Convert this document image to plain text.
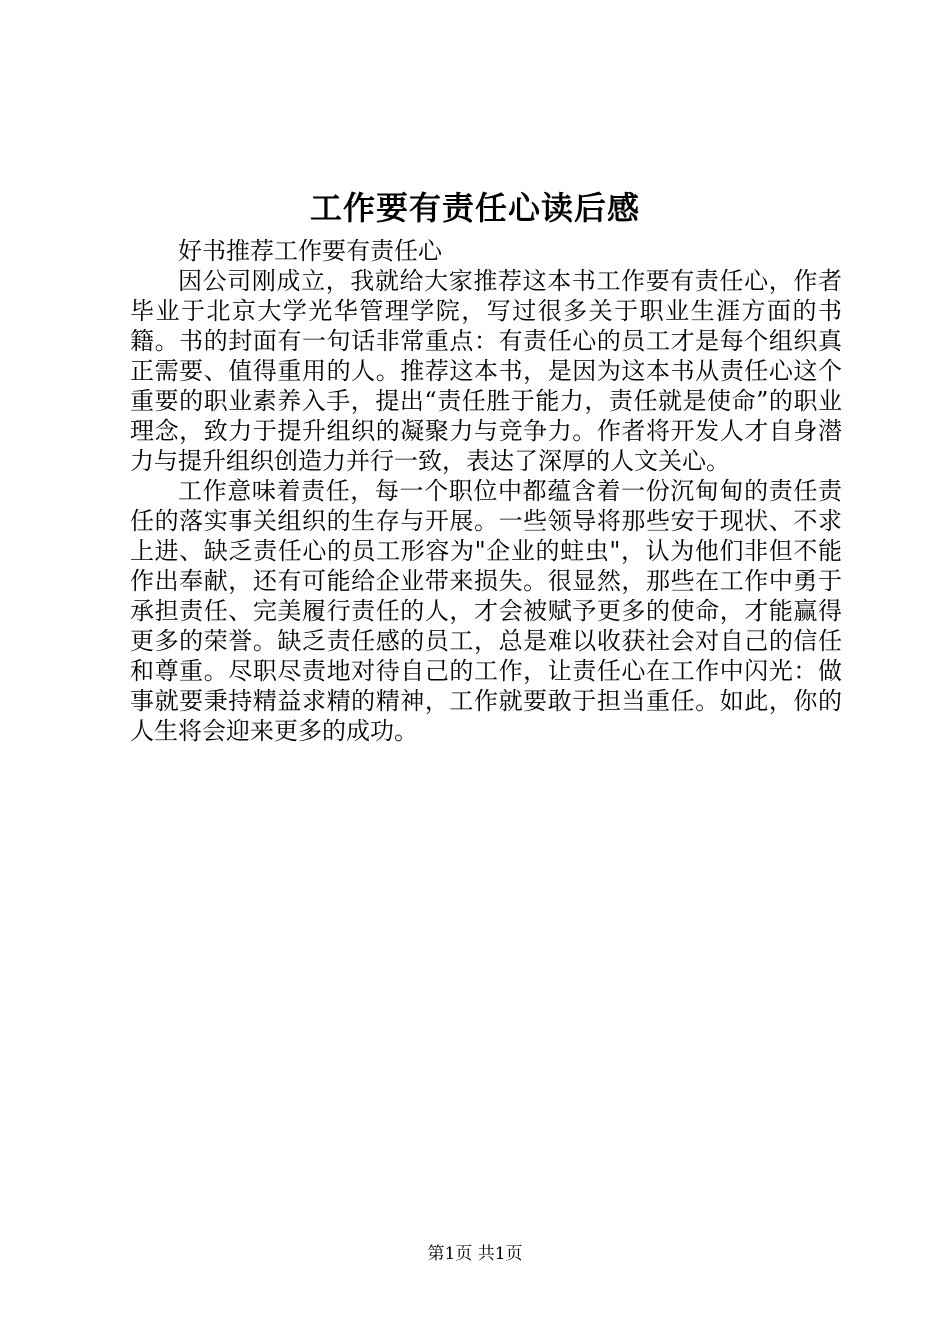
工作要有责任心读后感

好书推荐工作要有责任心

因公司刚成立，我就给大家推荐这本书工作要有责任心，作者毕业于北京大学光华管理学院，写过很多关于职业生涯方面的书籍。书的封面有一句话非常重点：有责任心的员工才是每个组织真正需要、值得重用的人。推荐这本书，是因为这本书从责任心这个重要的职业素养入手，提出“责任胜于能力，责任就是使命”的职业理念，致力于提升组织的凝聚力与竞争力。作者将开发人才自身潜力与提升组织创造力并行一致，表达了深厚的人文关心。

工作意味着责任，每一个职位中都蕴含着一份沉甸甸的责任责任的落实事关组织的生存与开展。一些领导将那些安于现状、不求上进、缺乏责任心的员工形容为"企业的蛀虫"，认为他们非但不能作出奉献，还有可能给企业带来损失。很显然，那些在工作中勇于承担责任、完美履行责任的人，才会被赋予更多的使命，才能赢得更多的荣誉。缺乏责任感的员工，总是难以收获社会对自己的信任和尊重。尽职尽责地对待自己的工作，让责任心在工作中闪光：做事就要秉持精益求精的精神，工作就要敢于担当重任。如此，你的人生将会迎来更多的成功。

第1页 共1页
